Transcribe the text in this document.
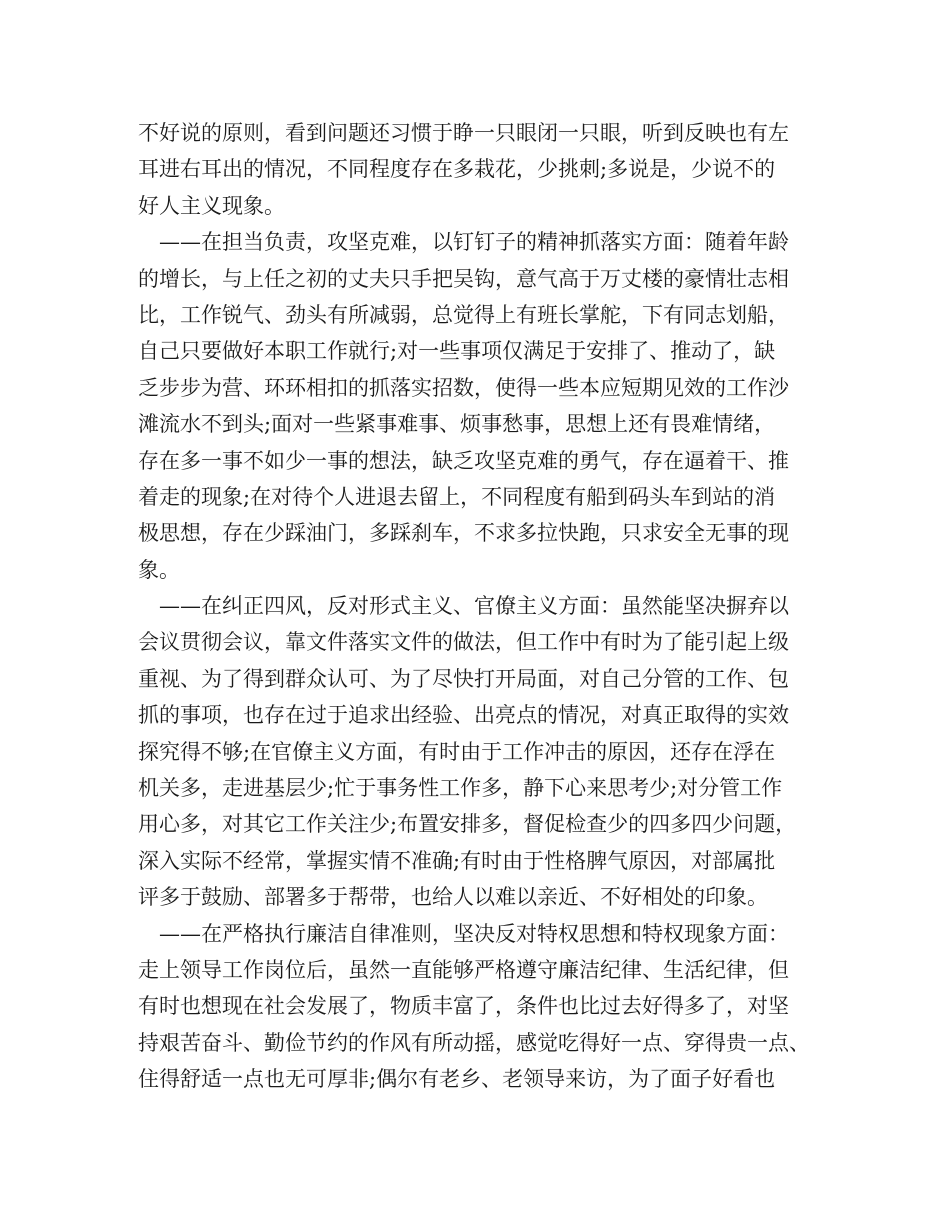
不好说的原则，看到问题还习惯于睁一只眼闭一只眼，听到反映也有左
耳进右耳出的情况，不同程度存在多栽花，少挑刺;多说是，少说不的
好人主义现象。
——在担当负责，攻坚克难，以钉钉子的精神抓落实方面：随着年龄
的增长，与上任之初的丈夫只手把吴钩，意气高于万丈楼的豪情壮志相
比，工作锐气、劲头有所减弱，总觉得上有班长掌舵，下有同志划船，
自己只要做好本职工作就行;对一些事项仅满足于安排了、推动了，缺
乏步步为营、环环相扣的抓落实招数，使得一些本应短期见效的工作沙
滩流水不到头;面对一些紧事难事、烦事愁事，思想上还有畏难情绪，
存在多一事不如少一事的想法，缺乏攻坚克难的勇气，存在逼着干、推
着走的现象;在对待个人进退去留上，不同程度有船到码头车到站的消
极思想，存在少踩油门，多踩刹车，不求多拉快跑，只求安全无事的现
象。
——在纠正四风，反对形式主义、官僚主义方面：虽然能坚决摒弃以
会议贯彻会议，靠文件落实文件的做法，但工作中有时为了能引起上级
重视、为了得到群众认可、为了尽快打开局面，对自己分管的工作、包
抓的事项，也存在过于追求出经验、出亮点的情况，对真正取得的实效
探究得不够;在官僚主义方面，有时由于工作冲击的原因，还存在浮在
机关多，走进基层少;忙于事务性工作多，静下心来思考少;对分管工作
用心多，对其它工作关注少;布置安排多，督促检查少的四多四少问题，
深入实际不经常，掌握实情不准确;有时由于性格脾气原因，对部属批
评多于鼓励、部署多于帮带，也给人以难以亲近、不好相处的印象。
——在严格执行廉洁自律准则，坚决反对特权思想和特权现象方面：
走上领导工作岗位后，虽然一直能够严格遵守廉洁纪律、生活纪律，但
有时也想现在社会发展了，物质丰富了，条件也比过去好得多了，对坚
持艰苦奋斗、勤俭节约的作风有所动摇，感觉吃得好一点、穿得贵一点、
住得舒适一点也无可厚非;偶尔有老乡、老领导来访，为了面子好看也
